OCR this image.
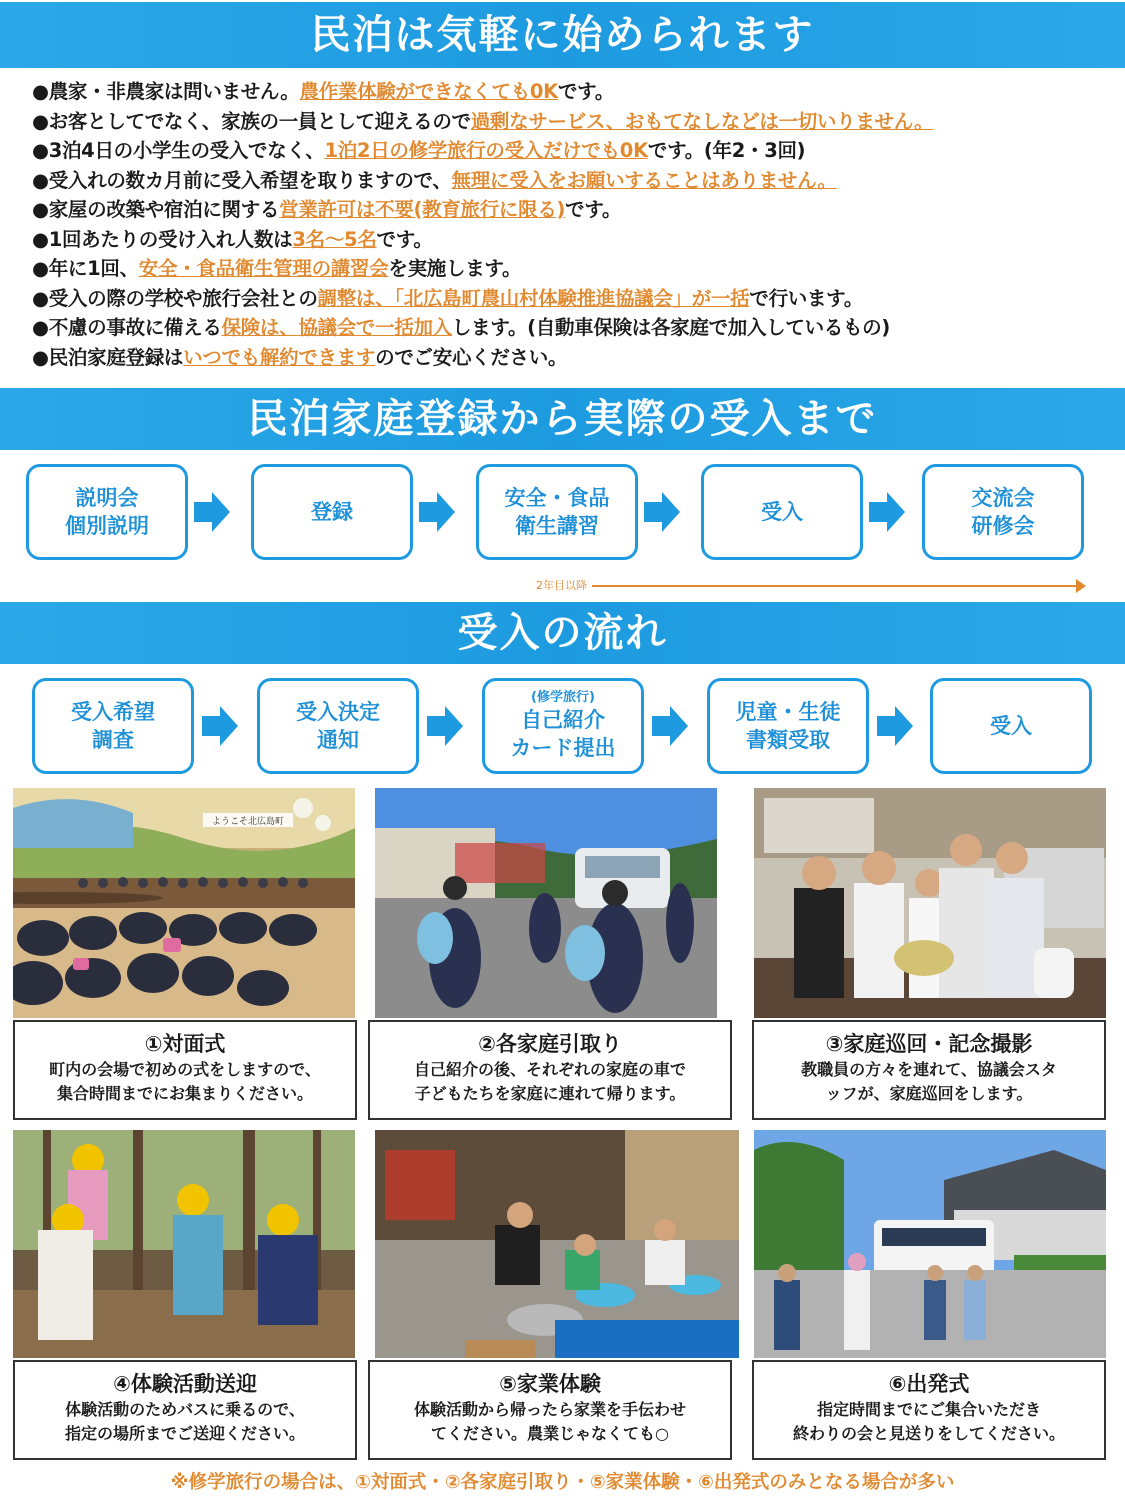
民泊は気軽に始められます
●農家・非農家は問いません。農作業体験ができなくても0Kです。
●お客としてでなく、家族の一員として迎えるので過剰なサービス、おもてなしなどは一切いりません。
●3泊4日の小学生の受入でなく、1泊2日の修学旅行の受入だけでも0Kです。(年2・3回)
●受入れの数カ月前に受入希望を取りますので、無理に受入をお願いすることはありません。
●家屋の改築や宿泊に関する営業許可は不要(教育旅行に限る)です。
●1回あたりの受け入れ人数は3名～5名です。
●年に1回、安全・食品衛生管理の講習会を実施します。
●受入の際の学校や旅行会社との調整は、「北広島町農山村体験推進協議会」が一括で行います。
●不慮の事故に備える保険は、協議会で一括加入します。(自動車保険は各家庭で加入しているもの)
●民泊家庭登録はいつでも解約できますのでご安心ください。
民泊家庭登録から実際の受入まで
説明会
個別説明
登録
安全・食品
衛生講習
受入
交流会
研修会
2年目以降
受入の流れ
受入希望
調査
受入決定
通知
(修学旅行)
自己紹介
カード提出
児童・生徒
書類受取
受入
ようこそ北広島町
①対面式
町内の会場で初めの式をしますので、
集合時間までにお集まりください。
②各家庭引取り
自己紹介の後、それぞれの家庭の車で
子どもたちを家庭に連れて帰ります。
③家庭巡回・記念撮影
教職員の方々を連れて、協議会スタ
ッフが、家庭巡回をします。
④体験活動送迎
体験活動のためバスに乗るので、
指定の場所までご送迎ください。
⑤家業体験
体験活動から帰ったら家業を手伝わせ
てください。農業じゃなくても○
⑥出発式
指定時間までにご集合いただき
終わりの会と見送りをしてください。
※修学旅行の場合は、①対面式・②各家庭引取り・⑤家業体験・⑥出発式のみとなる場合が多い
